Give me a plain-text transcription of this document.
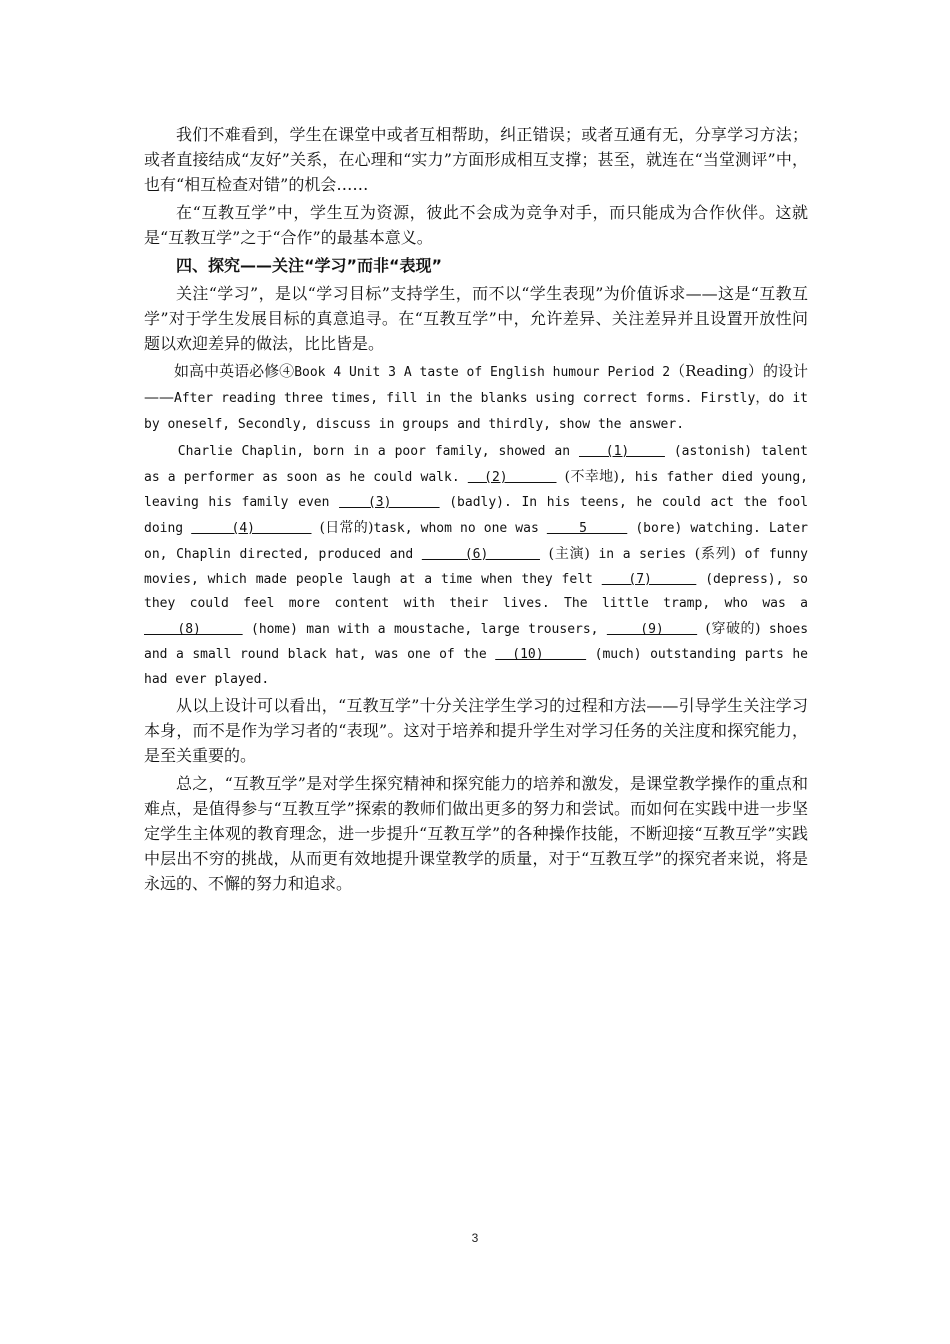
我们不难看到，学生在课堂中或者互相帮助，纠正错误；或者互通有无，分享学习方法；或者直接结成“友好”关系，在心理和“实力”方面形成相互支撑；甚至，就连在“当堂测评”中，也有“相互检查对错”的机会……

在“互教互学”中，学生互为资源，彼此不会成为竞争对手，而只能成为合作伙伴。这就是“互教互学”之于“合作”的最基本意义。

四、探究——关注“学习”而非“表现”

关注“学习”，是以“学习目标”支持学生，而不以“学生表现”为价值诉求——这是“互教互学”对于学生发展目标的真意追寻。在“互教互学”中，允许差异、关注差异并且设置开放性问题以欢迎差异的做法，比比皆是。

如高中英语必修④Book 4 Unit 3 A taste of English humour Period 2（Reading）的设计——After reading three times, fill in the blanks using correct forms. Firstly，do it by oneself, Secondly, discuss in groups and thirdly, show the answer.

Charlie Chaplin, born in a poor family, showed an    (1)     (astonish) talent as a performer as soon as he could walk.   (2)       (不幸地), his father died young, leaving his family even    (3)      (badly). In his teens, he could act the fool doing      (4)        (日常的)task, whom no one was     5      (bore) watching. Later on, Chaplin directed, produced and      (6)       (主演) in a series (系列) of funny movies, which made people laugh at a time when they felt    (7)      (depress), so they could feel more content with their lives. The little tramp, who was a     (8)      (home) man with a moustache, large trousers,     (9)     (穿破的) shoes and a small round black hat, was one of the   (10)      (much) outstanding parts he had ever played.

从以上设计可以看出，“互教互学”十分关注学生学习的过程和方法——引导学生关注学习本身，而不是作为学习者的“表现”。这对于培养和提升学生对学习任务的关注度和探究能力，是至关重要的。

总之，“互教互学”是对学生探究精神和探究能力的培养和激发，是课堂教学操作的重点和难点，是值得参与“互教互学”探索的教师们做出更多的努力和尝试。而如何在实践中进一步坚定学生主体观的教育理念，进一步提升“互教互学”的各种操作技能，不断迎接“互教互学”实践中层出不穷的挑战，从而更有效地提升课堂教学的质量，对于“互教互学”的探究者来说，将是永远的、不懈的努力和追求。

3
